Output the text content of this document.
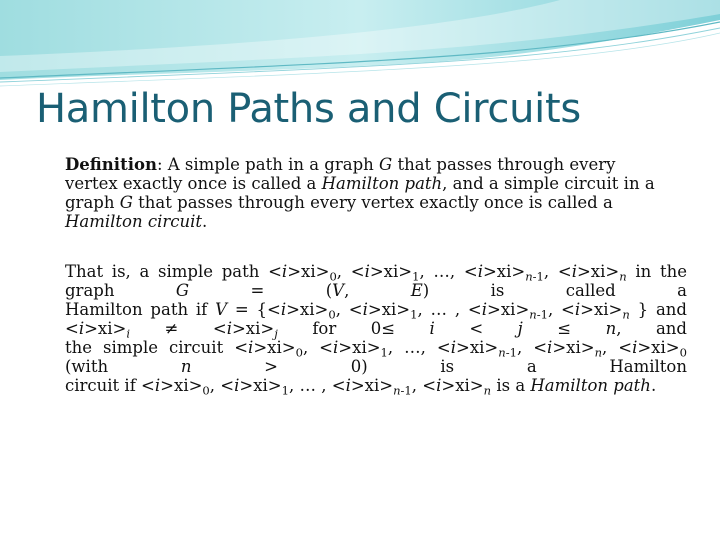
Hamilton Paths and Circuits
Definition: A simple path in a graph G that passes through every
vertex exactly once is called a Hamilton path, and a simple circuit in a
graph G that passes through every vertex exactly once is called a
Hamilton circuit.
That is, a simple path $<i>xi>_0$, $<i>xi>_1$, …, $<i>xi>_{n-1}$, $<i>xi>_n$ in the graph G = (V, E) is called a
Hamilton path if $V = \{<i>xi>_0$, $<i>xi>_1$, … , $<i>xi>_{n-1}$, $<i>xi>_n$ } and $<i>xi>_i \ne <i>xi>_j$ for 0≤ i < j ≤ n, and
the simple circuit $<i>xi>_0$, $<i>xi>_1$, …, $<i>xi>_{n-1}$, $<i>xi>_n$, $<i>xi>_0$ (with n > 0) is a Hamilton
circuit if $<i>xi>_0$, $<i>xi>_1$, … , $<i>xi>_{n-1}$, $<i>xi>_n$ is a Hamilton path.
